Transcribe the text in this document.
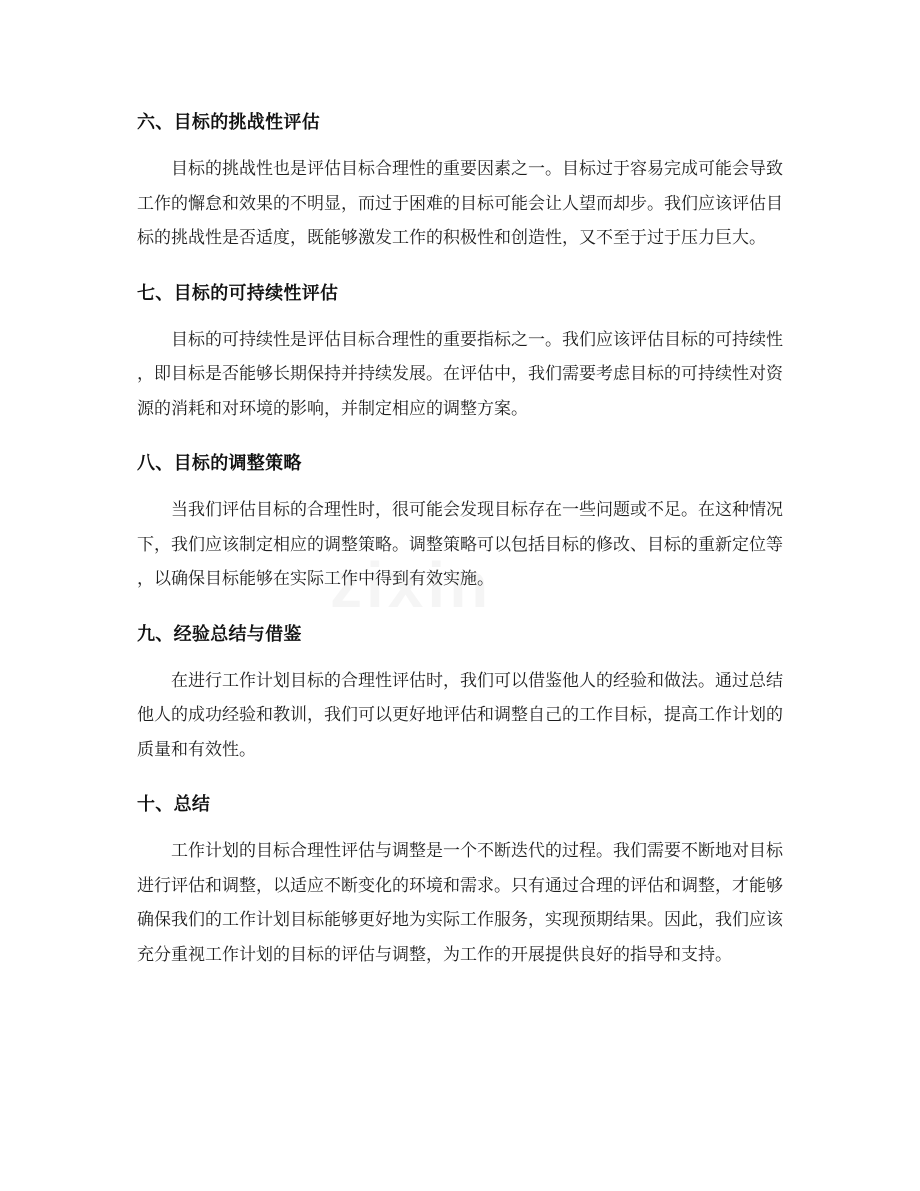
六、目标的挑战性评估

目标的挑战性也是评估目标合理性的重要因素之一。目标过于容易完成可能会导致工作的懈怠和效果的不明显，而过于困难的目标可能会让人望而却步。我们应该评估目标的挑战性是否适度，既能够激发工作的积极性和创造性，又不至于过于压力巨大。

七、目标的可持续性评估

目标的可持续性是评估目标合理性的重要指标之一。我们应该评估目标的可持续性，即目标是否能够长期保持并持续发展。在评估中，我们需要考虑目标的可持续性对资源的消耗和对环境的影响，并制定相应的调整方案。

八、目标的调整策略

当我们评估目标的合理性时，很可能会发现目标存在一些问题或不足。在这种情况下，我们应该制定相应的调整策略。调整策略可以包括目标的修改、目标的重新定位等，以确保目标能够在实际工作中得到有效实施。

九、经验总结与借鉴

在进行工作计划目标的合理性评估时，我们可以借鉴他人的经验和做法。通过总结他人的成功经验和教训，我们可以更好地评估和调整自己的工作目标，提高工作计划的质量和有效性。

十、总结

工作计划的目标合理性评估与调整是一个不断迭代的过程。我们需要不断地对目标进行评估和调整，以适应不断变化的环境和需求。只有通过合理的评估和调整，才能够确保我们的工作计划目标能够更好地为实际工作服务，实现预期结果。因此，我们应该充分重视工作计划的目标的评估与调整，为工作的开展提供良好的指导和支持。
